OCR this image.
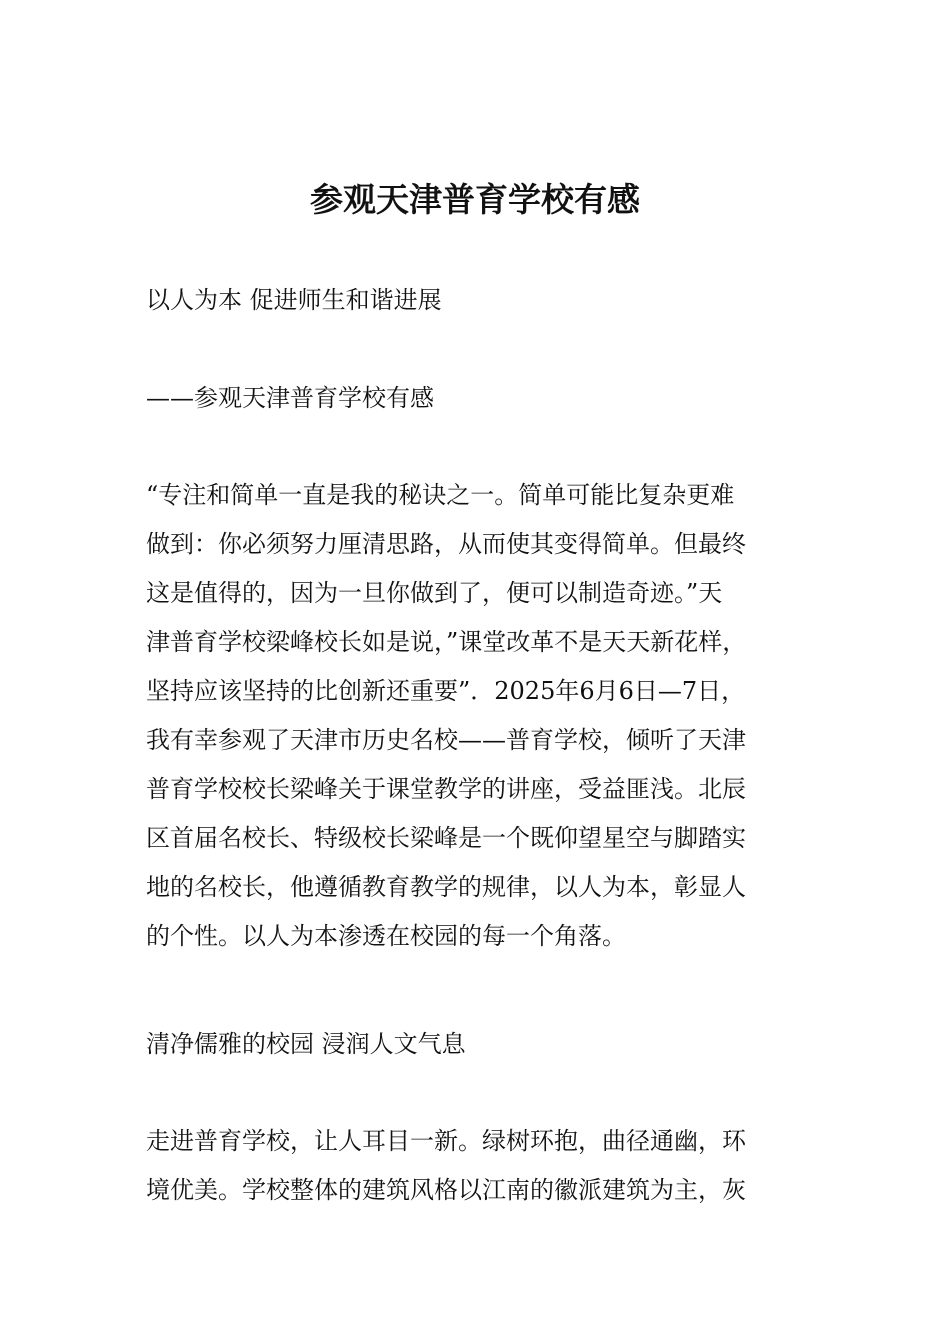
参观天津普育学校有感

以人为本 促进师生和谐进展

——参观天津普育学校有感

“专注和简单一直是我的秘诀之一。简单可能比复杂更难
做到：你必须努力厘清思路，从而使其变得简单。但最终
这是值得的，因为一旦你做到了，便可以制造奇迹。”天
津普育学校梁峰校长如是说，”课堂改革不是天天新花样，
坚持应该坚持的比创新还重要”．2025年6月6日—7日，
我有幸参观了天津市历史名校——普育学校，倾听了天津
普育学校校长梁峰关于课堂教学的讲座，受益匪浅。北辰
区首届名校长、特级校长梁峰是一个既仰望星空与脚踏实
地的名校长，他遵循教育教学的规律，以人为本，彰显人
的个性。以人为本渗透在校园的每一个角落。

清净儒雅的校园 浸润人文气息

走进普育学校，让人耳目一新。绿树环抱，曲径通幽，环
境优美。学校整体的建筑风格以江南的徽派建筑为主，灰
